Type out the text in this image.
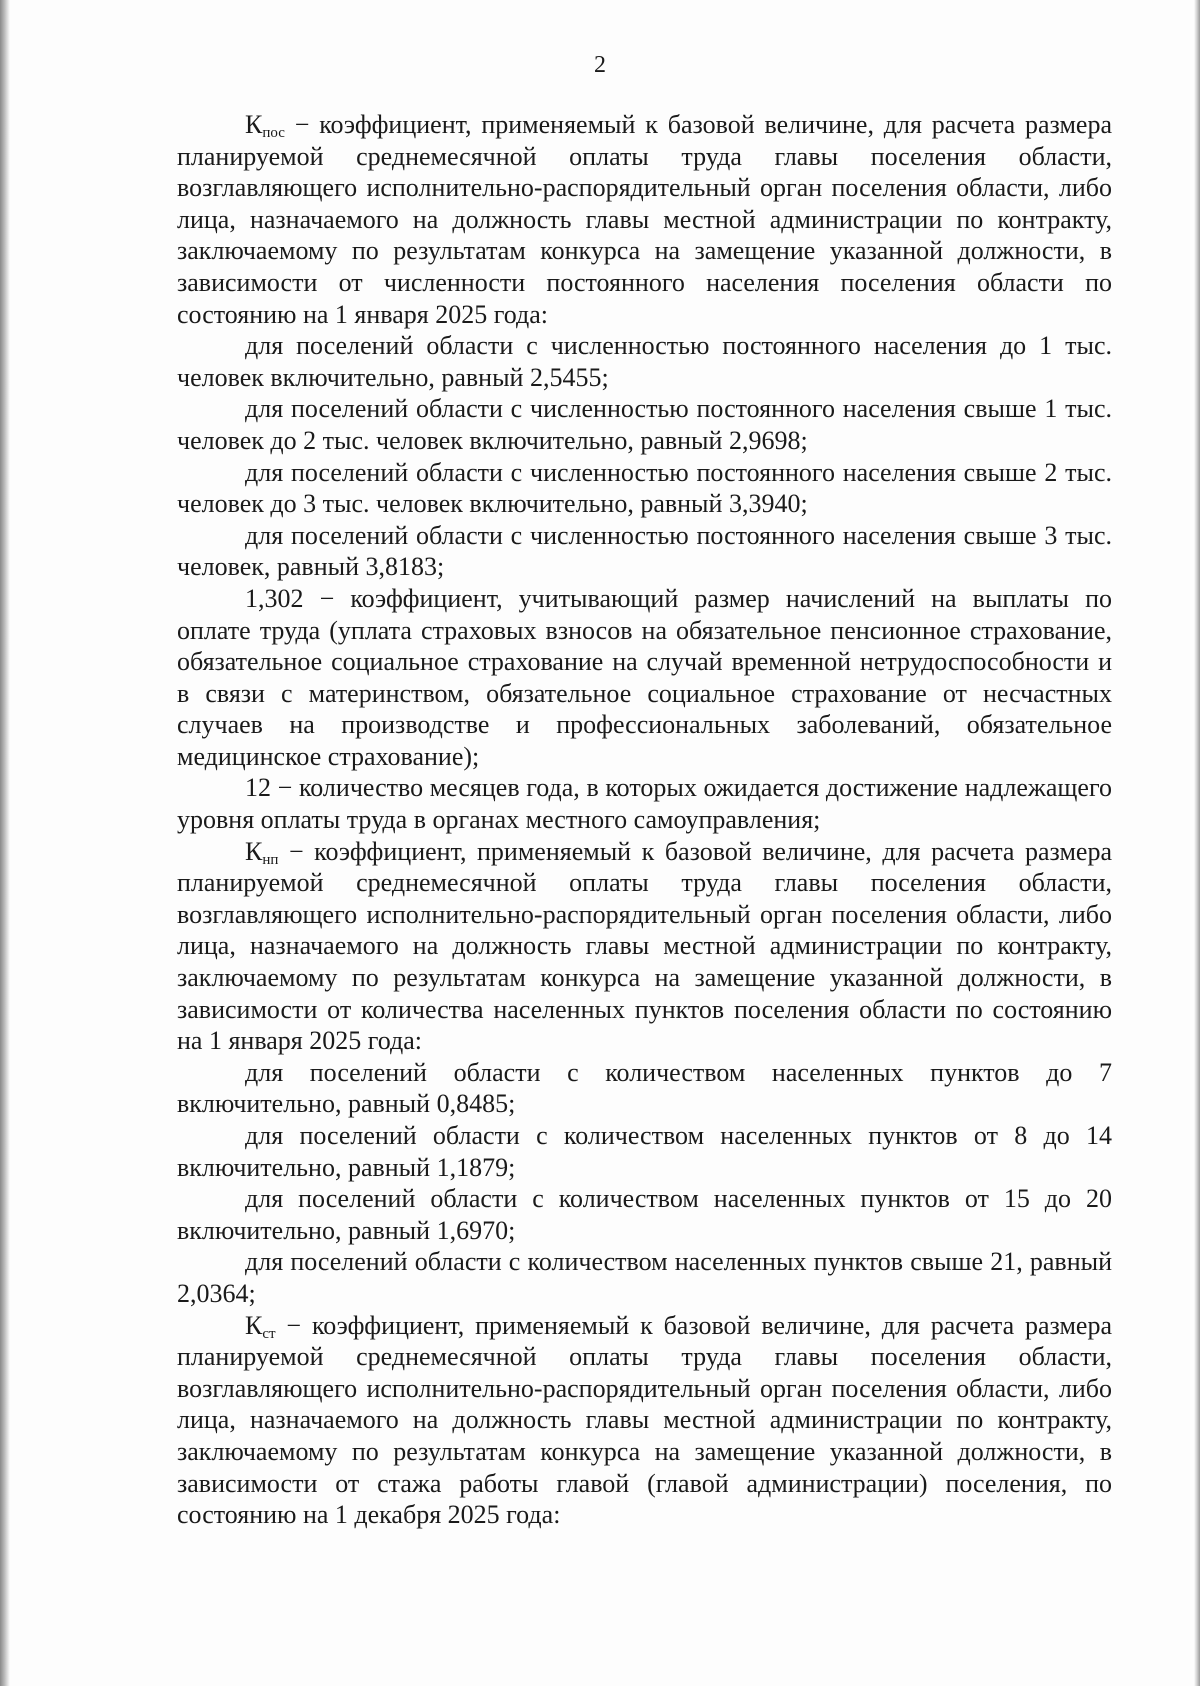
2

$К_{пос}$ − коэффициент, применяемый к базовой величине, для расчета размера планируемой среднемесячной оплаты труда главы поселения области, возглавляющего исполнительно-распорядительный орган поселения области, либо лица, назначаемого на должность главы местной администрации по контракту, заключаемому по результатам конкурса на замещение указанной должности, в зависимости от численности постоянного населения поселения области по состоянию на 1 января 2025 года:

для поселений области с численностью постоянного населения до 1 тыс. человек включительно, равный 2,5455;

для поселений области с численностью постоянного населения свыше 1 тыс. человек до 2 тыс. человек включительно, равный 2,9698;

для поселений области с численностью постоянного населения свыше 2 тыс. человек до 3 тыс. человек включительно, равный 3,3940;

для поселений области с численностью постоянного населения свыше 3 тыс. человек, равный 3,8183;

1,302 − коэффициент, учитывающий размер начислений на выплаты по оплате труда (уплата страховых взносов на обязательное пенсионное страхование, обязательное социальное страхование на случай временной нетрудоспособности и в связи с материнством, обязательное социальное страхование от несчастных случаев на производстве и профессиональных заболеваний, обязательное медицинское страхование);

12 − количество месяцев года, в которых ожидается достижение надлежащего уровня оплаты труда в органах местного самоуправления;

$К_{нп}$ − коэффициент, применяемый к базовой величине, для расчета размера планируемой среднемесячной оплаты труда главы поселения области, возглавляющего исполнительно-распорядительный орган поселения области, либо лица, назначаемого на должность главы местной администрации по контракту, заключаемому по результатам конкурса на замещение указанной должности, в зависимости от количества населенных пунктов поселения области по состоянию на 1 января 2025 года:

для поселений области с количеством населенных пунктов до 7 включительно, равный 0,8485;

для поселений области с количеством населенных пунктов от 8 до 14 включительно, равный 1,1879;

для поселений области с количеством населенных пунктов от 15 до 20 включительно, равный 1,6970;

для поселений области с количеством населенных пунктов свыше 21, равный 2,0364;

$К_{ст}$ − коэффициент, применяемый к базовой величине, для расчета размера планируемой среднемесячной оплаты труда главы поселения области, возглавляющего исполнительно-распорядительный орган поселения области, либо лица, назначаемого на должность главы местной администрации по контракту, заключаемому по результатам конкурса на замещение указанной должности, в зависимости от стажа работы главой (главой администрации) поселения, по состоянию на 1 декабря 2025 года:
